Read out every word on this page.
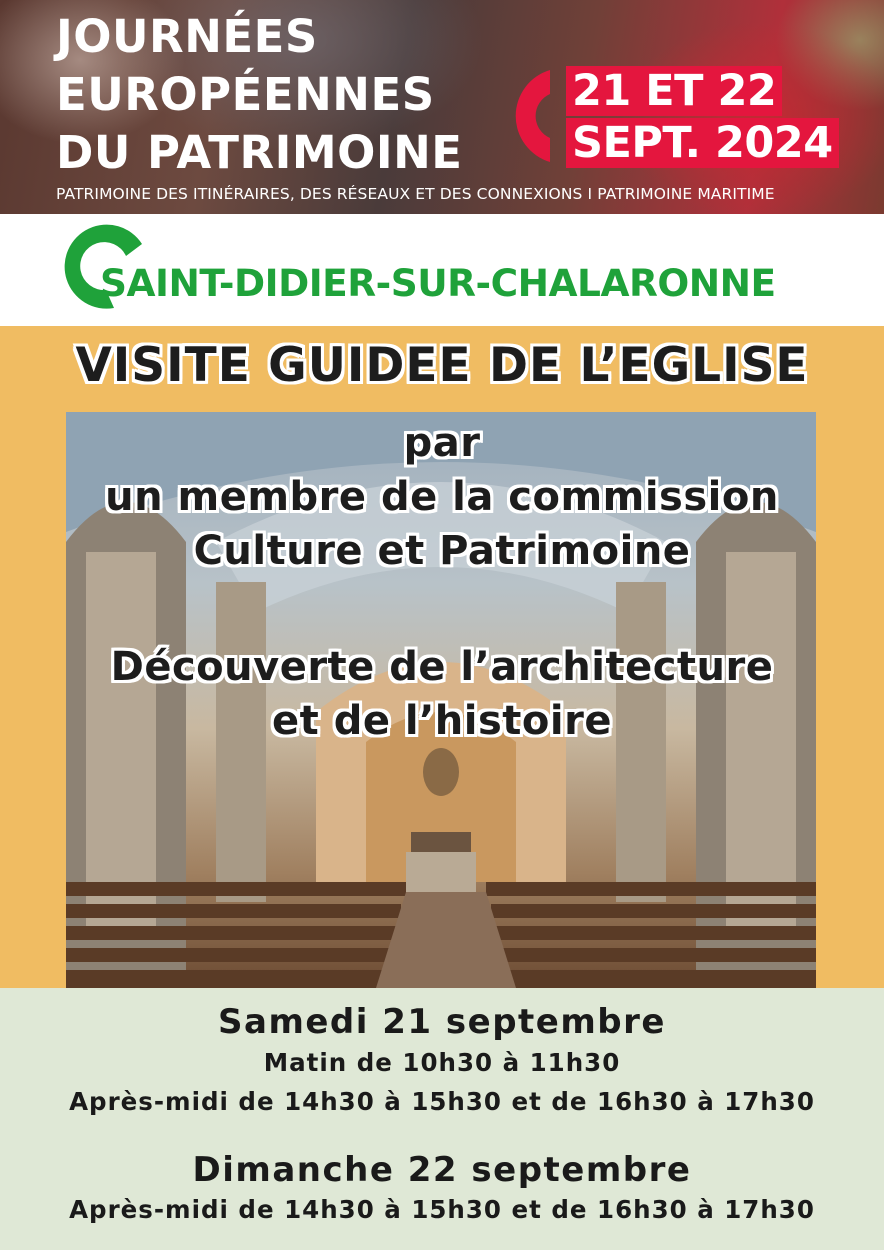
JOURNÉES
EUROPÉENNES
DU PATRIMOINE
21 ET 22
SEPT. 2024
PATRIMOINE DES ITINÉRAIRES, DES RÉSEAUX ET DES CONNEXIONS I PATRIMOINE MARITIME
SAINT-DIDIER-SUR-CHALARONNE
VISITE GUIDEE DE L’EGLISE
par
un membre de la commission
Culture et Patrimoine
Découverte de l’architecture
et de l’histoire
Samedi 21 septembre
Matin de 10h30 à 11h30
Après-midi de 14h30 à 15h30 et de 16h30 à 17h30
Dimanche 22 septembre
Après-midi de 14h30 à 15h30 et de 16h30 à 17h30
